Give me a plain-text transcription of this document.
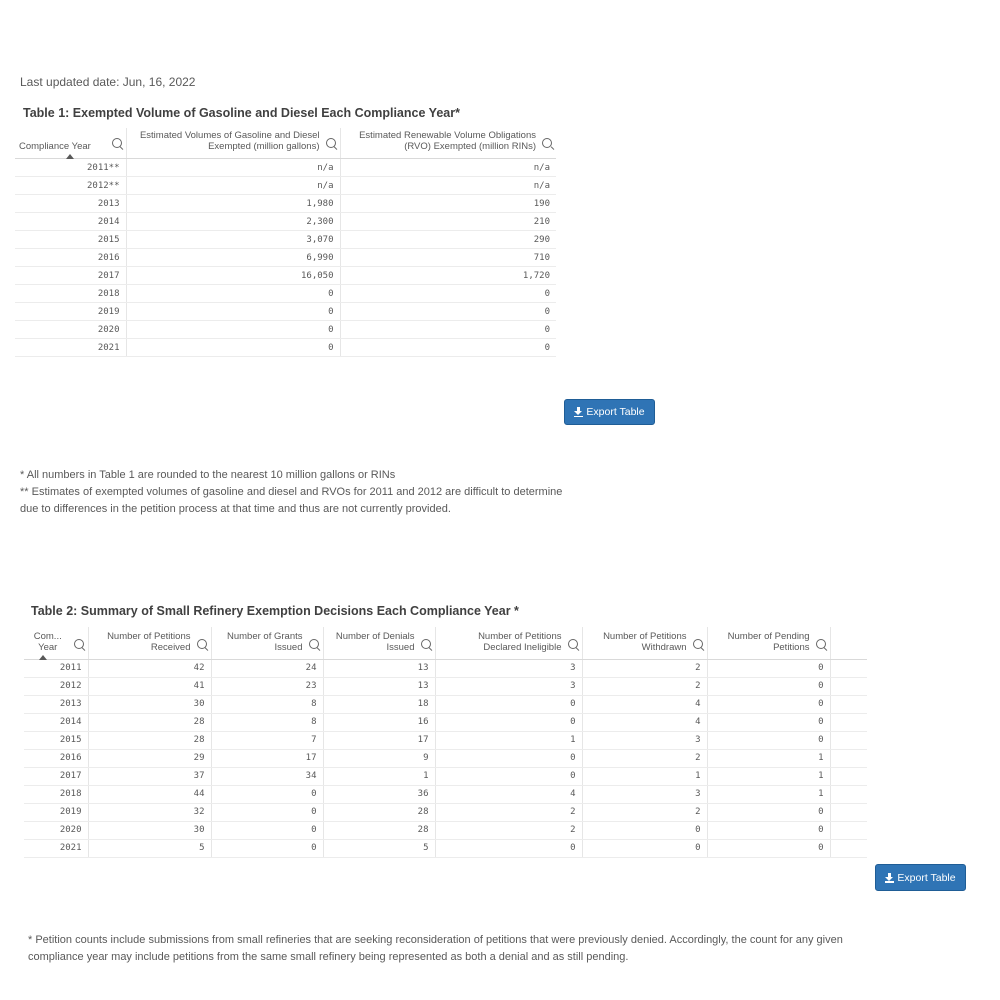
Last updated date: Jun, 16, 2022
Table 1: Exempted Volume of Gasoline and Diesel Each Compliance Year*
Compliance Year	Estimated Volumes of Gasoline and Diesel Exempted (million gallons)	Estimated Renewable Volume Obligations (RVO) Exempted (million RINs)

2011**	n/a	n/a
2012**	n/a	n/a
2013	1,980	190
2014	2,300	210
2015	3,070	290
2016	6,990	710
2017	16,050	1,720
2018	0	0
2019	0	0
2020	0	0
2021	0	0
Export Table
* All numbers in Table 1 are rounded to the nearest 10 million gallons or RINs
** Estimates of exempted volumes of gasoline and diesel and RVOs for 2011 and 2012 are difficult to determine due to differences in the petition process at that time and thus are not currently provided.
Table 2: Summary of Small Refinery Exemption Decisions Each Compliance Year *
Com... Year	Number of Petitions Received	Number of Grants Issued	Number of Denials Issued	Number of Petitions Declared Ineligible	Number of Petitions Withdrawn	Number of Pending Petitions	

2011	42	24	13	3	2	0	
2012	41	23	13	3	2	0	
2013	30	8	18	0	4	0	
2014	28	8	16	0	4	0	
2015	28	7	17	1	3	0	
2016	29	17	9	0	2	1	
2017	37	34	1	0	1	1	
2018	44	0	36	4	3	1	
2019	32	0	28	2	2	0	
2020	30	0	28	2	0	0	
2021	5	0	5	0	0	0	
Export Table
* Petition counts include submissions from small refineries that are seeking reconsideration of petitions that were previously denied. Accordingly, the count for any given compliance year may include petitions from the same small refinery being represented as both a denial and as still pending.
